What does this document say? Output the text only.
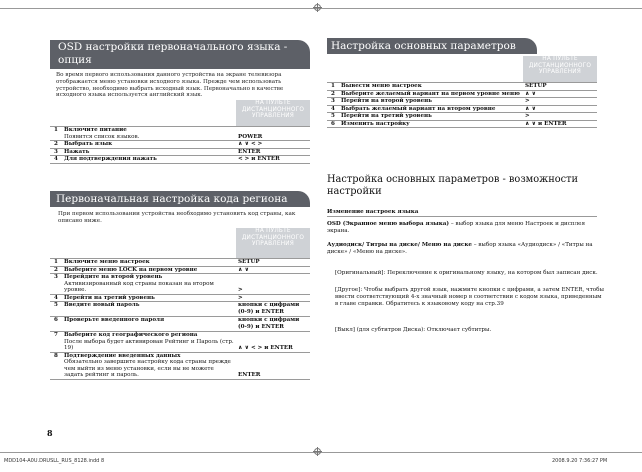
OSD настройки первоначального языка - опция
Во время первого использования данного устройства на экране телевизора отображается меню установки исходного языка. Прежде чем использовать устройство, необходимо выбрать исходный язык. Первоначально в качестве исходного языка используется английский язык.
		НА ПУЛЬТЕ ДИСТАНЦИОННОГО УПРАВЛЕНИЯ
1	Включите питание
Появится список языков.	POWER
2	Выбрать язык	∧ ∨ < >
3	Нажать	ENTER
4	Для подтверждения нажать	< > и ENTER
Первоначальная настройка кода региона
При первом использовании устройства необходимо установить код страны, как описано ниже.
		НА ПУЛЬТЕ ДИСТАНЦИОННОГО УПРАВЛЕНИЯ
1	Включите меню настроек	SETUP
2	Выберите меню LOCK на первом уровне	∧ ∨
3	Перейдите на второй уровень
Активизированный код страны показан на втором уровне.	>
4	Перейти на третий уровень	>
5	Введите новый пароль	кнопки с цифрами (0-9) и ENTER
6	Проверьте введенного пароля	кнопки с цифрами (0-9) и ENTER
7	Выберите код географического региона
После выбора будет активирован Рейтинг и Пароль (стр. 19)	∧ ∨ < > и ENTER
8	Подтверждение введенных данных
Обязательно завершите настройку кода страны прежде чем выйти из меню установки, если вы не можете задать рейтинг и пароль.	ENTER
Настройка основных параметров
		НА ПУЛЬТЕ ДИСТАНЦИОННОГО УПРАВЛЕНИЯ
1	Вывести меню настроек	SETUP
2	Выберите желаемый вариант на первом уровне меню	∧ ∨
3	Перейти на второй уровень	>
4	Выбрать желаемый вариант на втором уровне	∧ ∨
5	Перейти на третий уровень	>
6	Изменить настройку	∧ ∨ и ENTER
Настройка основных параметров - возможности настройки
Изменение настроек языка
OSD (Экранное меню выбора языка) – выбор языка для меню Настроек и дисплея экрана.
Аудиодиск/ Титры на диске/ Меню на диске – выбор языка «Аудиодиск» / «Титры на диске» / «Меню на диске».
[Оригинальный]: Переключение к оригинальному языку, на котором был записан диск.
[Другое]: Чтобы выбрать другой язык, нажмите кнопки с цифрами, а затем ENTER, чтобы ввести соответствующий 4-х значный номер в соответствии с кодом языка, приведенным в главе справки. Обратитесь к языковому коду на стр.39
[Выкл] (для субтитров Диска): Отключает субтитры.
8
MDD104-A0U.DRUSLL_RUS_8128.indd 8	2008.9.20 7:36:27 PM
